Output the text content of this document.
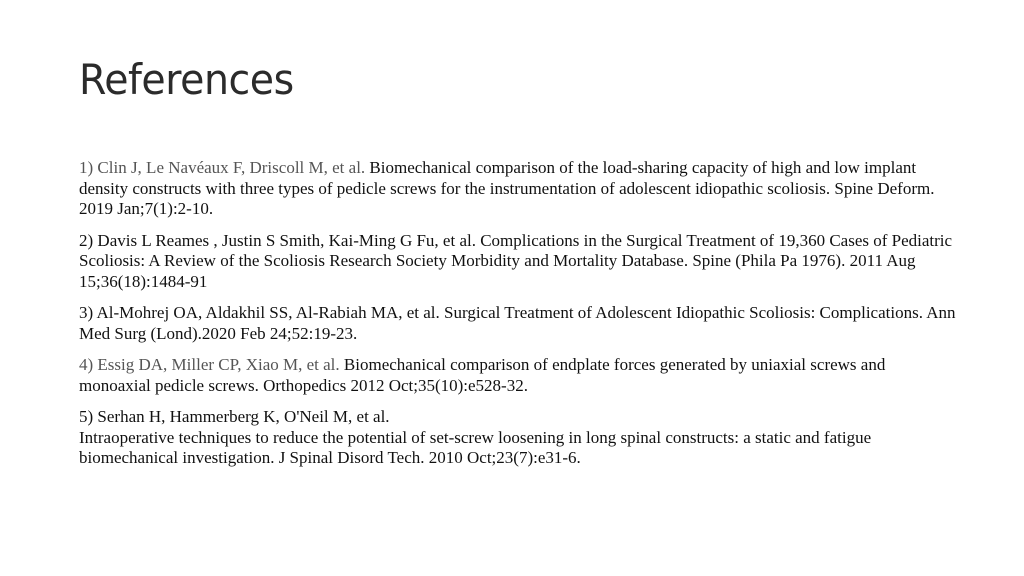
References

1) Clin J, Le Navéaux F, Driscoll M, et al. Biomechanical comparison of the load-sharing capacity of high and low implant density constructs with three types of pedicle screws for the instrumentation of adolescent idiopathic scoliosis. Spine Deform. 2019 Jan;7(1):2-10.

2) Davis L Reames , Justin S Smith, Kai-Ming G Fu, et al. Complications in the Surgical Treatment of 19,360 Cases of Pediatric Scoliosis: A Review of the Scoliosis Research Society Morbidity and Mortality Database. Spine (Phila Pa 1976). 2011 Aug 15;36(18):1484-91

3) Al-Mohrej OA, Aldakhil SS, Al-Rabiah MA, et al. Surgical Treatment of Adolescent Idiopathic Scoliosis: Complications. Ann Med Surg (Lond).2020 Feb 24;52:19-23.

4) Essig DA, Miller CP, Xiao M, et al. Biomechanical comparison of endplate forces generated by uniaxial screws and monoaxial pedicle screws. Orthopedics 2012 Oct;35(10):e528-32.

5) Serhan H, Hammerberg K, O'Neil M, et al.
Intraoperative techniques to reduce the potential of set-screw loosening in long spinal constructs: a static and fatigue biomechanical investigation. J Spinal Disord Tech. 2010 Oct;23(7):e31-6.
